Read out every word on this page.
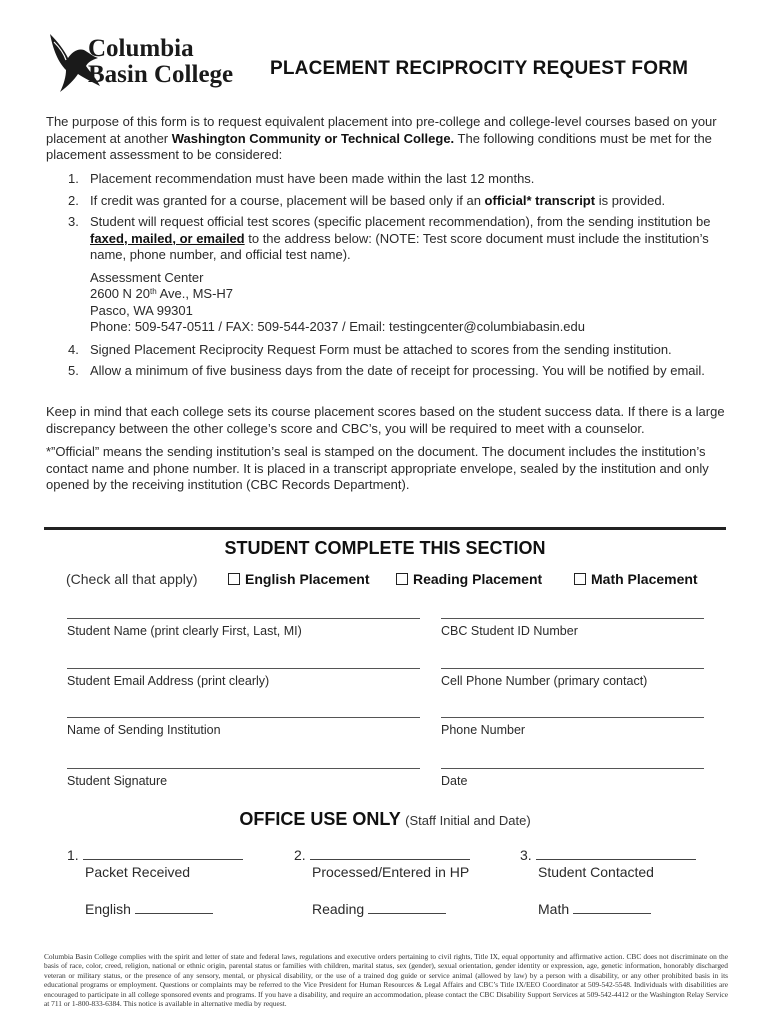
Columbia
Basin College PLACEMENT RECIPROCITY REQUEST FORM

The purpose of this form is to request equivalent placement into pre-college and college-level courses based on your placement at another Washington Community or Technical College. The following conditions must be met for the placement assessment to be considered:

1. Placement recommendation must have been made within the last 12 months.
2. If credit was granted for a course, placement will be based only if an official* transcript is provided.
3. Student will request official test scores (specific placement recommendation), from the sending institution be faxed, mailed, or emailed to the address below: (NOTE: Test score document must include the institution’s name, phone number, and official test name).
Assessment Center
2600 N 20th Ave., MS-H7
Pasco, WA 99301
Phone: 509-547-0511 / FAX: 509-544-2037 / Email: testingcenter@columbiabasin.edu
4. Signed Placement Reciprocity Request Form must be attached to scores from the sending institution.
5. Allow a minimum of five business days from the date of receipt for processing. You will be notified by email.

Keep in mind that each college sets its course placement scores based on the student success data. If there is a large discrepancy between the other college’s score and CBC’s, you will be required to meet with a counselor.

*”Official” means the sending institution’s seal is stamped on the document. The document includes the institution’s contact name and phone number. It is placed in a transcript appropriate envelope, sealed by the institution and only opened by the receiving institution (CBC Records Department).

STUDENT COMPLETE THIS SECTION
(Check all that apply)	English Placement	Reading Placement	Math Placement
Student Name (print clearly First, Last, MI)	CBC Student ID Number
Student Email Address (print clearly)	Cell Phone Number (primary contact)
Name of Sending Institution	Phone Number
Student Signature	Date
OFFICE USE ONLY (Staff Initial and Date)
1.	2.	3.
Packet Received	Processed/Entered in HP	Student Contacted
English	Reading	Math
Columbia Basin College complies with the spirit and letter of state and federal laws, regulations and executive orders pertaining to civil rights, Title IX, equal opportunity and affirmative action. CBC does not discriminate on the basis of race, color, creed, religion, national or ethnic origin, parental status or families with children, marital status, sex (gender), sexual orientation, gender identity or expression, age, genetic information, honorably discharged veteran or military status, or the presence of any sensory, mental, or physical disability, or the use of a trained dog guide or service animal (allowed by law) by a person with a disability, or any other prohibited basis in its educational programs or employment. Questions or complaints may be referred to the Vice President for Human Resources & Legal Affairs and CBC’s Title IX/EEO Coordinator at 509-542-5548. Individuals with disabilities are encouraged to participate in all college sponsored events and programs. If you have a disability, and require an accommodation, please contact the CBC Disability Support Services at 509-542-4412 or the Washington Relay Service at 711 or 1-800-833-6384. This notice is available in alternative media by request.
